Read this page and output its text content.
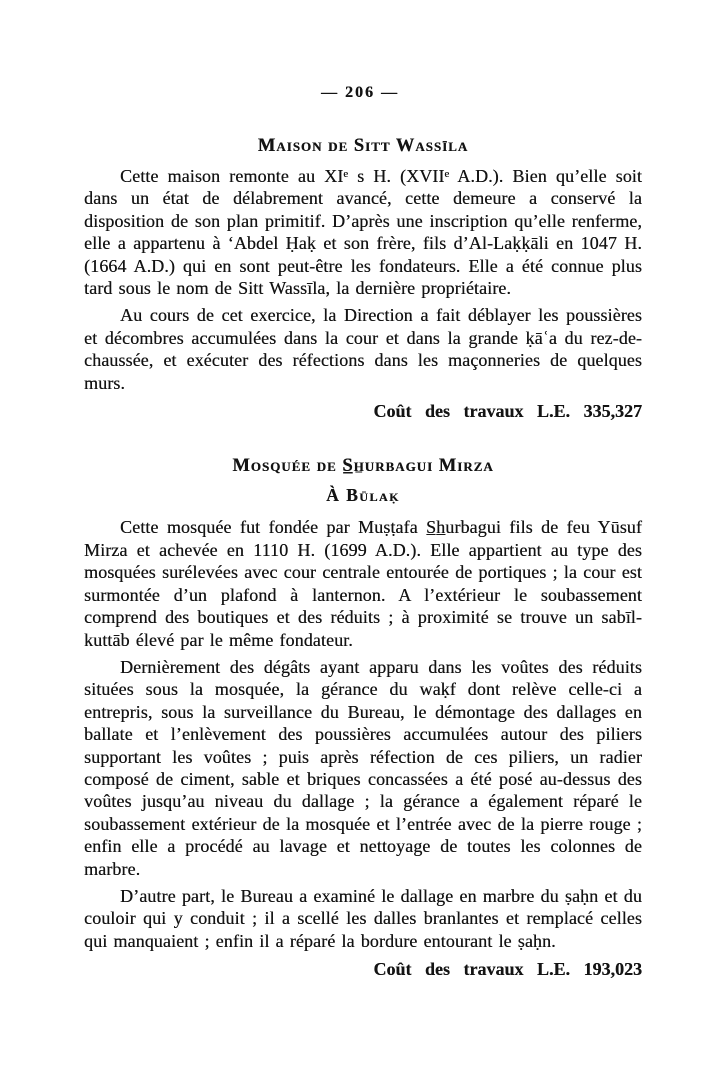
— 206 —
Maison de Sitt Wassīla

Cette maison remonte au XIᵉ s H. (XVIIᵉ A.D.). Bien qu’elle soit dans un état de délabrement avancé, cette demeure a conservé la disposition de son plan primitif. D’après une inscription qu’elle renferme, elle a appartenu à ‘Abdel Ḥaḳ et son frère, fils d’Al-Laḳḳāli en 1047 H. (1664 A.D.) qui en sont peut-être les fondateurs. Elle a été connue plus tard sous le nom de Sitt Wassīla, la dernière propriétaire.

Au cours de cet exercice, la Direction a fait déblayer les poussières et décombres accumulées dans la cour et dans la grande ḳāʿa du rez-de-chaussée, et exécuter des réfections dans les maçonneries de quelques murs.

Coût des travaux L.E. 335,327

Mosquée de S̲h̲urbagui Mirza
À Būlaḳ

Cette mosquée fut fondée par Muṣṭafa S̲h̲urbagui fils de feu Yūsuf Mirza et achevée en 1110 H. (1699 A.D.). Elle appartient au type des mosquées surélevées avec cour centrale entourée de portiques ; la cour est surmontée d’un plafond à lanternon. A l’extérieur le soubassement comprend des boutiques et des réduits ; à proximité se trouve un sabīl-kuttāb élevé par le même fondateur.

Dernièrement des dégâts ayant apparu dans les voûtes des réduits situées sous la mosquée, la gérance du waḳf dont relève celle-ci a entrepris, sous la surveillance du Bureau, le démontage des dallages en ballate et l’enlèvement des poussières accumulées autour des piliers supportant les voûtes ; puis après réfection de ces piliers, un radier composé de ciment, sable et briques concassées a été posé au-dessus des voûtes jusqu’au niveau du dallage ; la gérance a également réparé le soubassement extérieur de la mosquée et l’entrée avec de la pierre rouge ; enfin elle a procédé au lavage et nettoyage de toutes les colonnes de marbre.

D’autre part, le Bureau a examiné le dallage en marbre du ṣaḥn et du couloir qui y conduit ; il a scellé les dalles branlantes et remplacé celles qui manquaient ; enfin il a réparé la bordure entourant le ṣaḥn.

Coût des travaux L.E. 193,023
